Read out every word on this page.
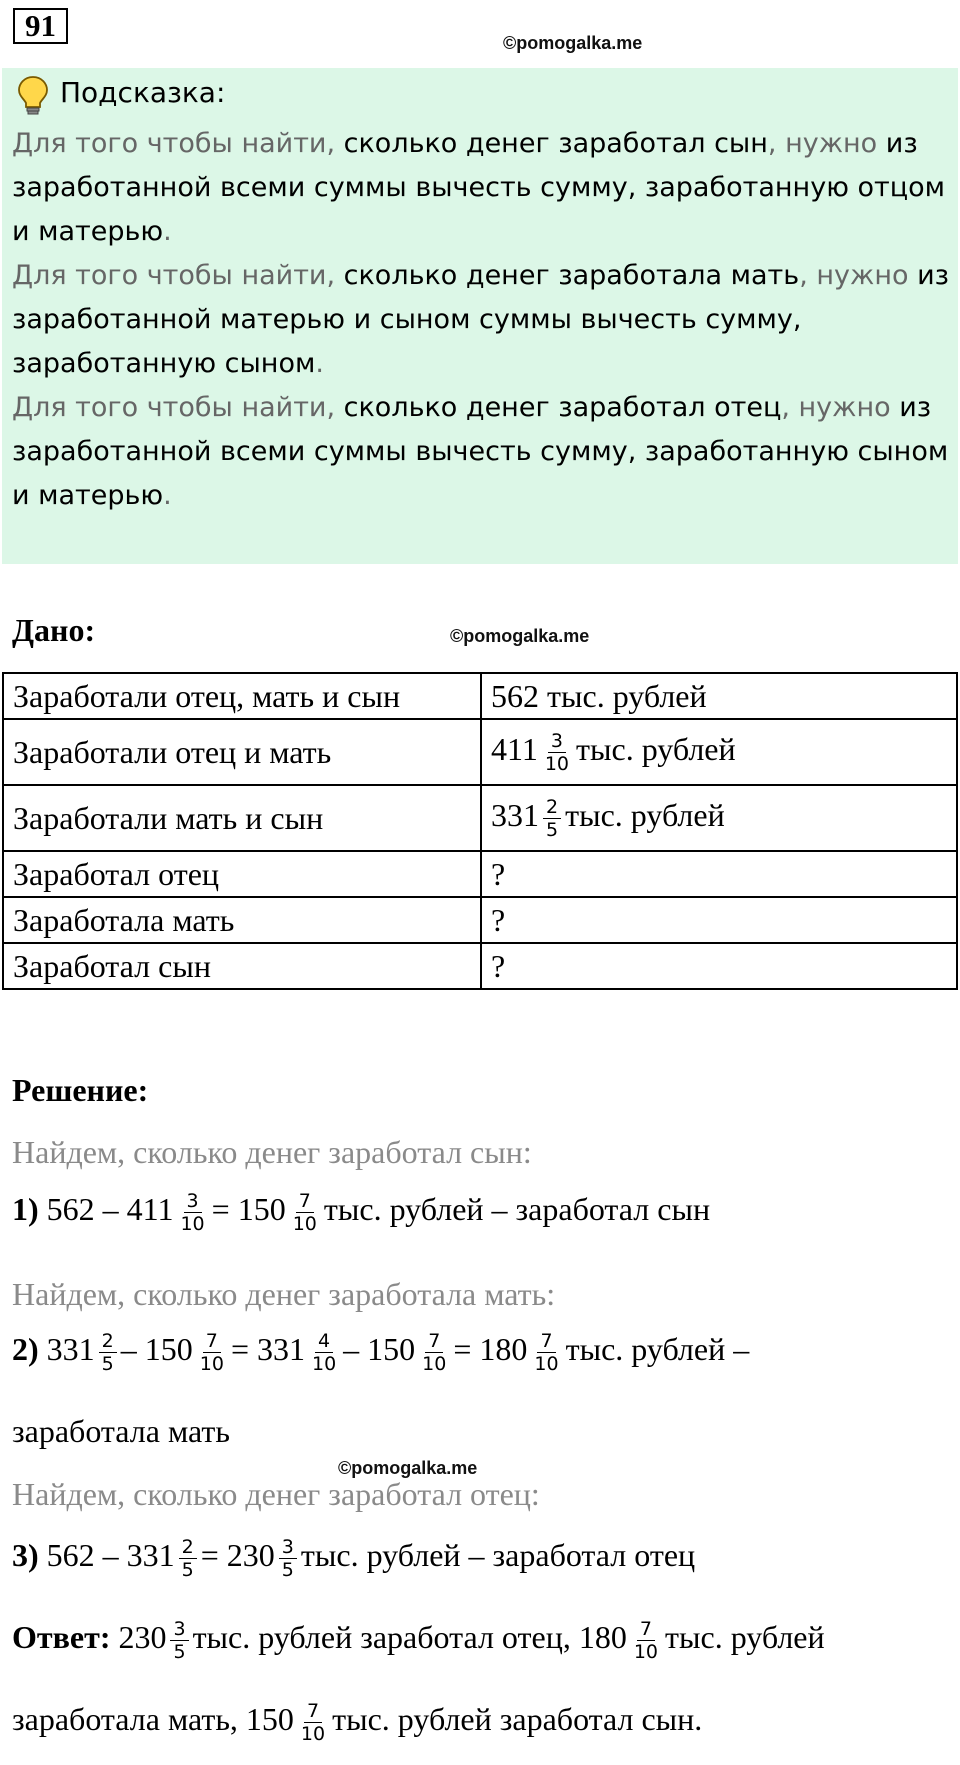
91	©pomogalka.me
Подсказка:

Для того чтобы найти, сколько денег заработал сын, нужно из заработанной всеми суммы вычесть сумму, заработанную отцом и матерью.

Для того чтобы найти, сколько денег заработала мать, нужно из заработанной матерью и сыном суммы вычесть сумму, заработанную сыном.

Для того чтобы найти, сколько денег заработал отец, нужно из заработанной всеми суммы вычесть сумму, заработанную сыном и матерью.

Дано:	©pomogalka.me
Заработали отец, мать и сын	562 тыс. рублей
Заработали отец и мать	$411 \frac{3}{10}$ тыс. рублей
Заработали мать и сын	$331 \frac{2}{5}$ тыс. рублей
Заработал отец	?
Заработала мать	?
Заработал сын	?
Решение:
Найдем, сколько денег заработал сын:
1) $562 - 411 \frac{3}{10} = 150 \frac{7}{10}$ тыс. рублей – заработал сын
Найдем, сколько денег заработала мать:
2) $331 \frac{2}{5} - 150 \frac{7}{10} = 331 \frac{4}{10} - 150 \frac{7}{10} = 180 \frac{7}{10}$ тыс. рублей –
заработала мать
©pomogalka.me
Найдем, сколько денег заработал отец:
3) $562 - 331 \frac{2}{5} = 230 \frac{3}{5}$ тыс. рублей – заработал отец
Ответ: $230 \frac{3}{5}$ тыс. рублей заработал отец, $180 \frac{7}{10}$ тыс. рублей
заработала мать, $150 \frac{7}{10}$ тыс. рублей заработал сын.
